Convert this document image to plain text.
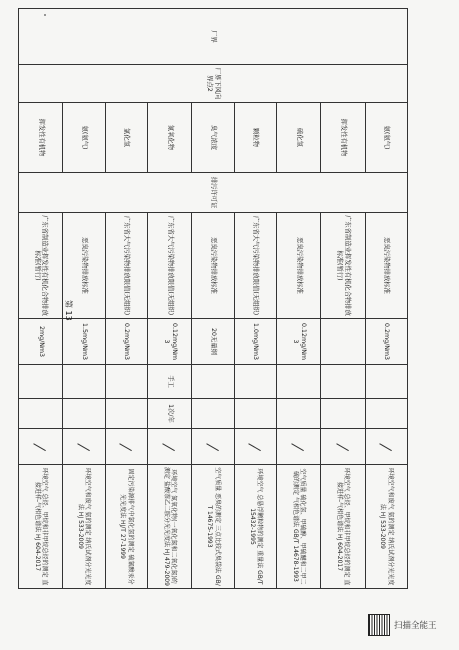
厂界	厂界下风向界点2	氨(氨气)	排污许可证	恶臭污染物排放标准	0.2mg/Nm3				环境空气和废气 氨的测定 纳氏试剂分光光度法 HJ 533-2009
		挥发性有机物		广东省制造业挥发性有机化合物排放标准(暂行)					环境空气 总烃、甲烷和非甲烷总烃的测定 直接进样-气相色谱法 HJ 604-2017
		硫化氢		恶臭污染物排放标准	0.12mg/Nm3				空气质量 硫化氢、甲硫醇、甲硫醚和二甲二硫的测定 气相色谱法 GB/T 14678-1993
		颗粒物		广东省大气污染物排放限值(无组织)	1.0mg/Nm3				环境空气 总悬浮颗粒物的测定 重量法 GB/T 15432-1995
		臭气浓度		恶臭污染物排放标准	20无量纲				空气质量 恶臭的测定 三点比较式臭袋法 GB/T 14675-1993
		氮氧化物		广东省大气污染物排放限值(无组织)	0.12mg/Nm3	手工	1次/年		环境空气 氮氧化物(一氧化氮和二氧化氮)的测定 盐酸萘乙二胺分光光度法 HJ 479-2009
		氯化氢		广东省大气污染物排放限值(无组织)	0.2mg/Nm3				固定污染源排气中氯化氢的测定 硫氰酸汞分光光度法 HJ/T 27-1999
		氨(氨气)		恶臭污染物排放标准	1.5mg/Nm3				环境空气和废气 氨的测定 纳氏试剂分光光度法 HJ 533-2009
		挥发性有机物		广东省制造业挥发性有机化合物排放标准(暂行)	2mg/Nm3				环境空气 总烃、甲烷和非甲烷总烃的测定 直接进样-气相色谱法 HJ 604-2017
第 13
扫描全能王
